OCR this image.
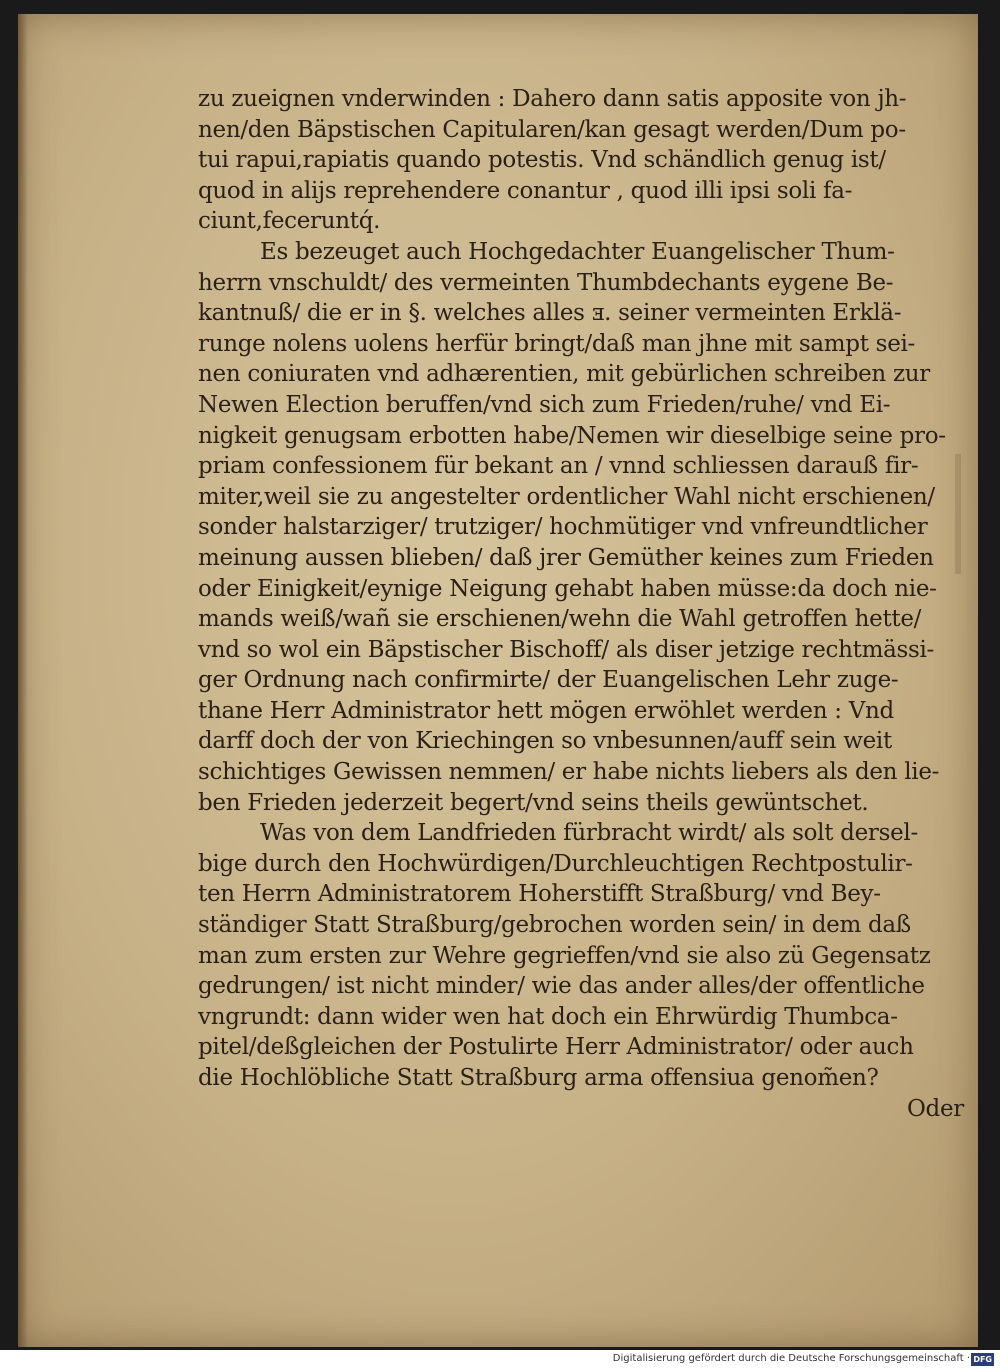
zu zueignen vnderwinden : Dahero dann satis apposite von jh‑
nen/den Bäpstischen Capitularen/kan gesagt werden/Dum po‑
tui rapui,rapiatis quando potestis. Vnd schändlich genug ist/
quod in alijs reprehendere conantur , quod illi ipsi soli fa‑
ciunt,feceruntq́.
Es bezeuget auch Hochgedachter Euangelischer Thum‑
herrn vnschuldt/ des vermeinten Thumbdechants eygene Be‑
kantnuß/ die er in §. welches alles ⱻ. seiner vermeinten Erklä‑
runge nolens uolens herfür bringt/daß man jhne mit sampt sei‑
nen coniuraten vnd adhærentien, mit gebürlichen schreiben zur
Newen Election beruffen/vnd sich zum Frieden/ruhe/ vnd Ei‑
nigkeit genugsam erbotten habe/Nemen wir dieselbige seine pro‑
priam confessionem für bekant an / vnnd schliessen darauß fir‑
miter,weil sie zu angestelter ordentlicher Wahl nicht erschienen/
sonder halstarziger/ trutziger/ hochmütiger vnd vnfreundtlicher
meinung aussen blieben/ daß jrer Gemüther keines zum Frieden
oder Einigkeit/eynige Neigung gehabt haben müsse:da doch nie‑
mands weiß/wañ sie erschienen/wehn die Wahl getroffen hette/
vnd so wol ein Bäpstischer Bischoff/ als diser jetzige rechtmässi‑
ger Ordnung nach confirmirte/ der Euangelischen Lehr zuge‑
thane Herr Administrator hett mögen erwöhlet werden : Vnd
darff doch der von Kriechingen so vnbesunnen/auff sein weit
schichtiges Gewissen nemmen/ er habe nichts liebers als den lie‑
ben Frieden jederzeit begert/vnd seins theils gewüntschet.
Was von dem Landfrieden fürbracht wirdt/ als solt dersel‑
bige durch den Hochwürdigen/Durchleuchtigen Rechtpostulir‑
ten Herrn Administratorem Hoherstifft Straßburg/ vnd Bey‑
ständiger Statt Straßburg/gebrochen worden sein/ in dem daß
man zum ersten zur Wehre gegrieffen/vnd sie also zü Gegensatz
gedrungen/ ist nicht minder/ wie das ander alles/der offentliche
vngrundt: dann wider wen hat doch ein Ehrwürdig Thumbca‑
pitel/deßgleichen der Postulirte Herr Administrator/ oder auch
die Hochlöbliche Statt Straßburg arma offensiua genom̃en?
Oder
Digitalisierung gefördert durch die Deutsche Forschungsgemeinschaft · DFG
